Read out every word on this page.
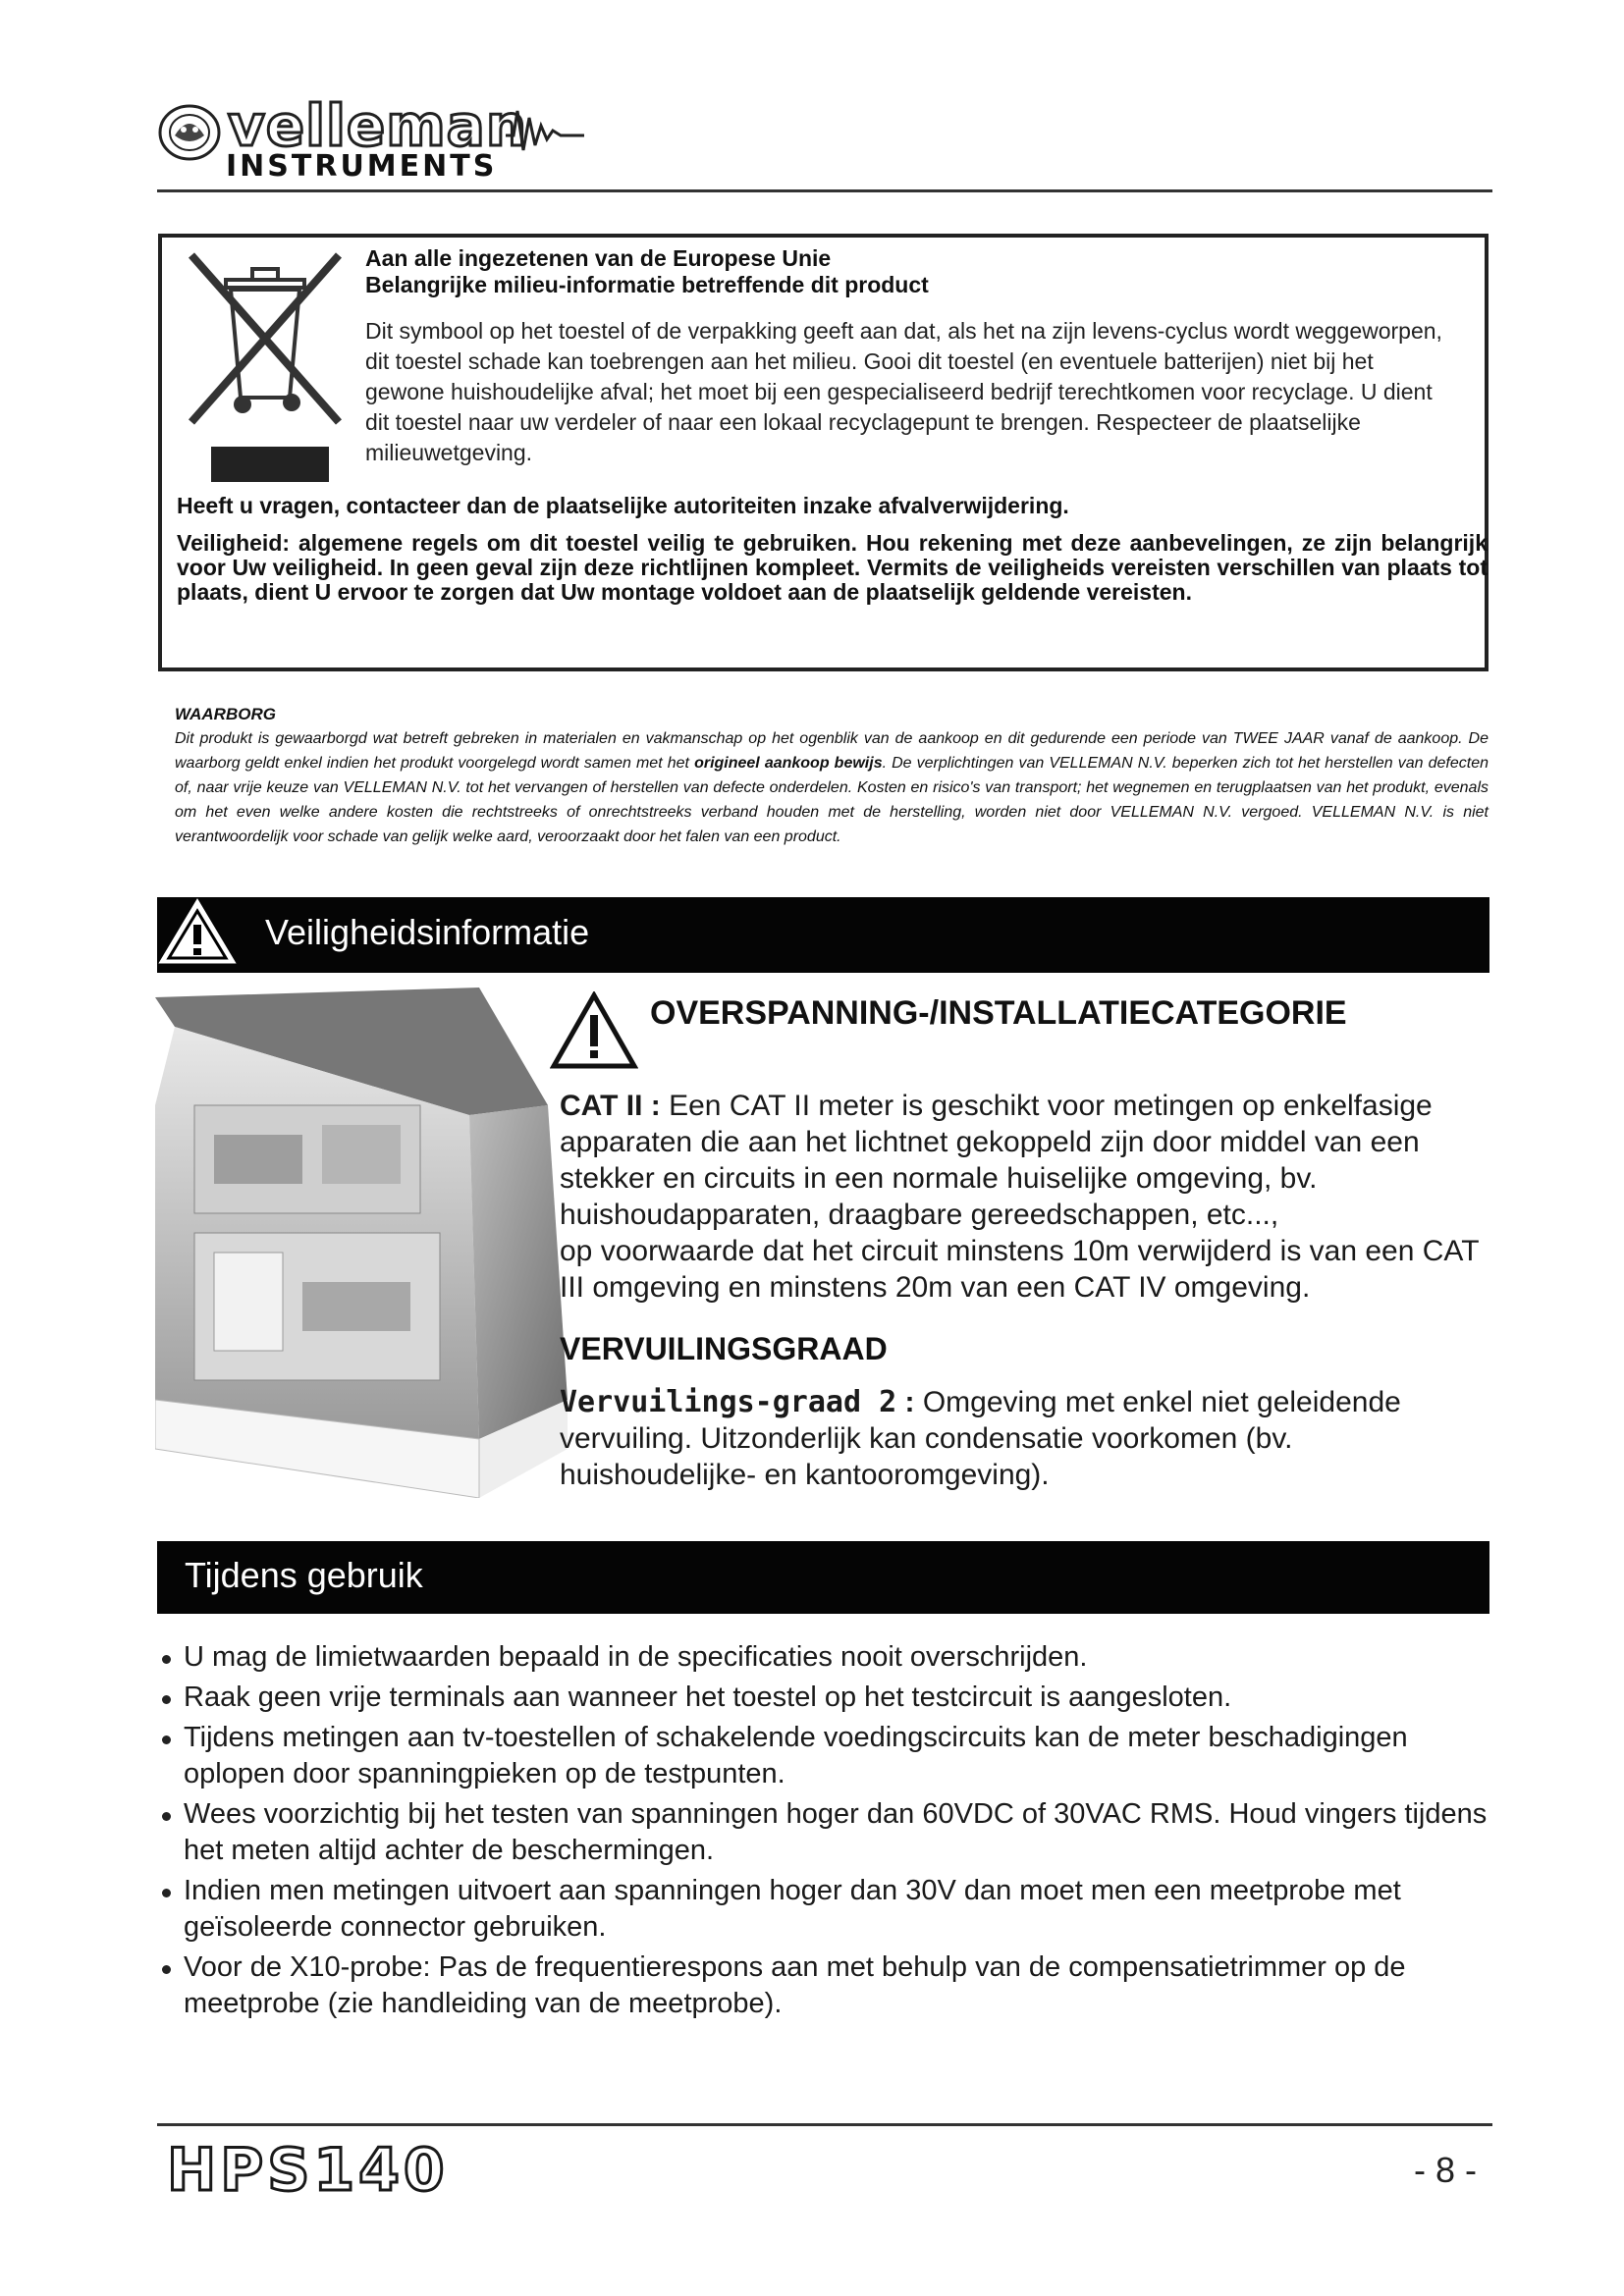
velleman
INSTRUMENTS
Aan alle ingezetenen van de Europese Unie
Belangrijke milieu-informatie betreffende dit product
Dit symbool op het toestel of de verpakking geeft aan dat, als het na zijn levens-cyclus wordt weggeworpen, dit toestel schade kan toebrengen aan het milieu. Gooi dit toestel (en eventuele batterijen) niet bij het gewone huishoudelijke afval; het moet bij een gespecialiseerd bedrijf terechtkomen voor recyclage. U dient dit toestel naar uw verdeler of naar een lokaal recyclagepunt te brengen. Respecteer de plaatselijke milieuwetgeving.
Heeft u vragen, contacteer dan de plaatselijke autoriteiten inzake afvalverwijdering.
Veiligheid: algemene regels om dit toestel veilig te gebruiken. Hou rekening met deze aanbevelingen, ze zijn belangrijk voor Uw veiligheid. In geen geval zijn deze richtlijnen kompleet. Vermits de veiligheids vereisten verschillen van plaats tot plaats, dient U ervoor te zorgen dat Uw montage voldoet aan de plaatselijk geldende vereisten.
WAARBORG
Dit produkt is gewaarborgd wat betreft gebreken in materialen en vakmanschap op het ogenblik van de aankoop en dit gedurende een periode van TWEE JAAR vanaf de aankoop. De waarborg geldt enkel indien het produkt voorgelegd wordt samen met het origineel aankoop bewijs. De verplichtingen van VELLEMAN N.V. beperken zich tot het herstellen van defecten of, naar vrije keuze van VELLEMAN N.V. tot het vervangen of herstellen van defecte onderdelen. Kosten en risico's van transport; het wegnemen en terugplaatsen van het produkt, evenals om het even welke andere kosten die rechtstreeks of onrechtstreeks verband houden met de herstelling, worden niet door VELLEMAN N.V. vergoed. VELLEMAN N.V. is niet verantwoordelijk voor schade van gelijk welke aard, veroorzaakt door het falen van een product.
Veiligheidsinformatie
OVERSPANNING-/INSTALLATIECATEGORIE
CAT II : Een CAT II meter is geschikt voor metingen op enkelfasige apparaten die aan het lichtnet gekoppeld zijn door middel van een stekker en circuits in een normale huiselijke omgeving, bv. huishoudapparaten, draagbare gereedschappen, etc...,
op voorwaarde dat het circuit minstens 10m verwijderd is van een CAT III omgeving en minstens 20m van een CAT IV omgeving.
VERVUILINGSGRAAD
Vervuilings-graad 2 : Omgeving met enkel niet geleidende vervuiling. Uitzonderlijk kan condensatie voorkomen (bv. huishoudelijke- en kantooromgeving).
Tijdens gebruik
U mag de limietwaarden bepaald in de specificaties nooit overschrijden.
Raak geen vrije terminals aan wanneer het toestel op het testcircuit is aangesloten.
Tijdens metingen aan tv-toestellen of schakelende voedingscircuits kan de meter beschadigingen oplopen door spanningpieken op de testpunten.
Wees voorzichtig bij het testen van spanningen hoger dan 60VDC of 30VAC RMS. Houd vingers tijdens het meten altijd achter de beschermingen.
Indien men metingen uitvoert aan spanningen hoger dan 30V dan moet men een meetprobe met geïsoleerde connector gebruiken.
Voor de X10-probe: Pas de frequentierespons aan met behulp van de compensatietrimmer op de meetprobe (zie handleiding van de meetprobe).
HPS140	- 8 -
